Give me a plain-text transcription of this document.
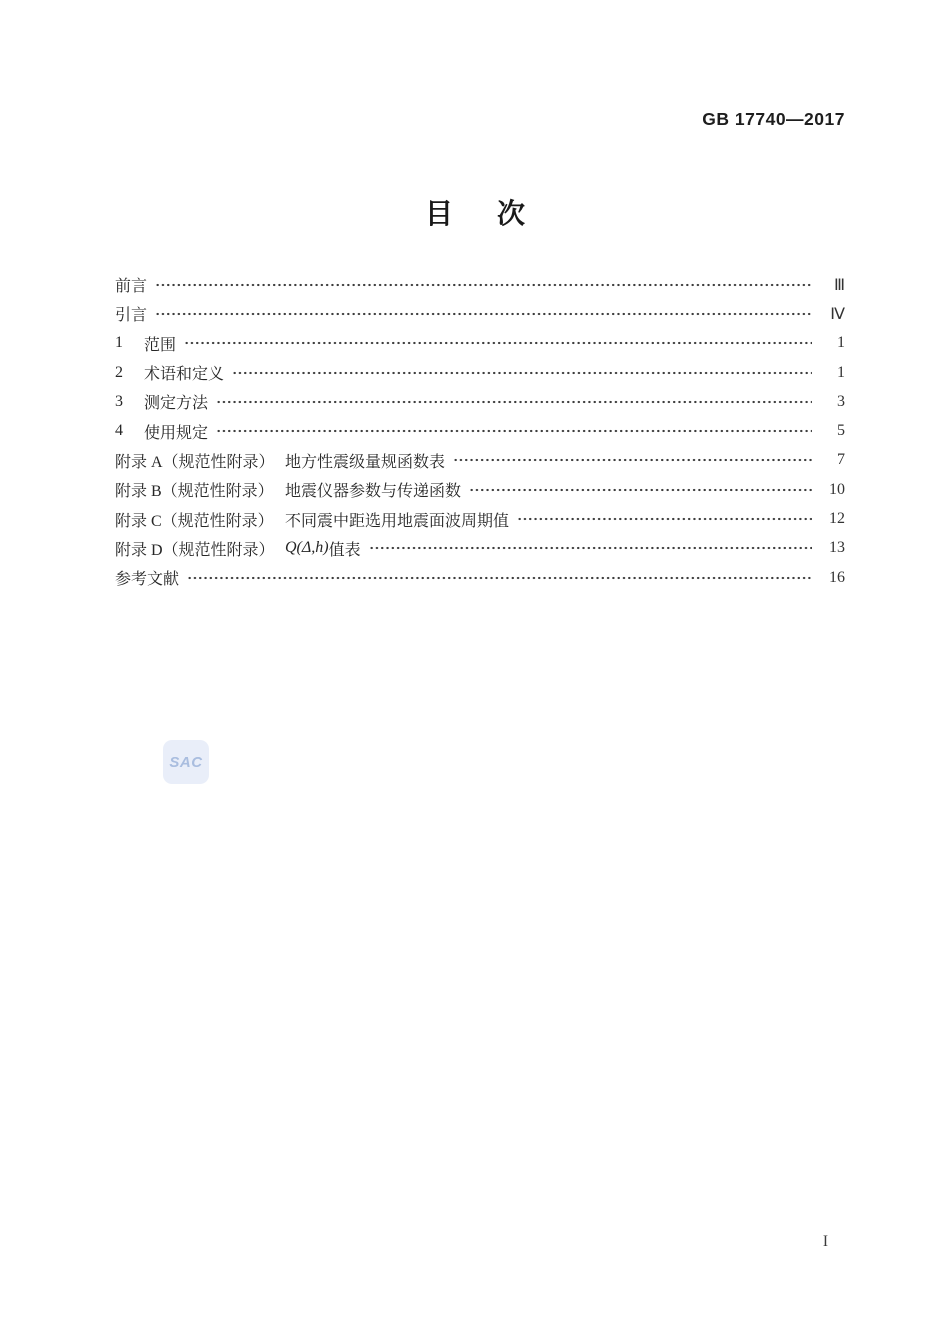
GB 17740—2017
目 次
前言	Ⅲ
引言	Ⅳ
1	范围	1
2	术语和定义	1
3	测定方法	3
4	使用规定	5
附录 A（规范性附录） 地方性震级量规函数表	7
附录 B（规范性附录） 地震仪器参数与传递函数	10
附录 C（规范性附录） 不同震中距选用地震面波周期值	12
附录 D（规范性附录） Q(Δ,h) 值表	13
参考文献	16
SAC
I
